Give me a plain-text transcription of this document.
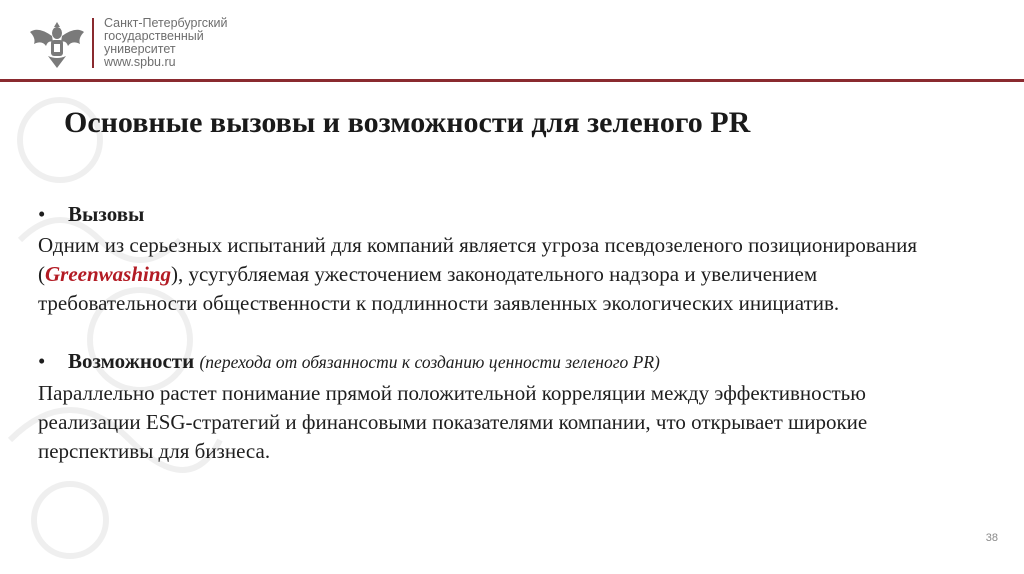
Санкт-Петербургский
государственный
университет
www.spbu.ru
Основные вызовы и возможности для зеленого PR

• Вызовы

Одним из серьезных испытаний для компаний является угроза псевдозеленого позиционирования (Greenwashing), усугубляемая ужесточением законодательного надзора и увеличением требовательности общественности к подлинности заявленных экологических инициатив.

• Возможности (перехода от обязанности к созданию ценности зеленого PR)

Параллельно растет понимание прямой положительной корреляции между эффективностью реализации ESG-стратегий и финансовыми показателями компании, что открывает широкие перспективы для бизнеса.

38
